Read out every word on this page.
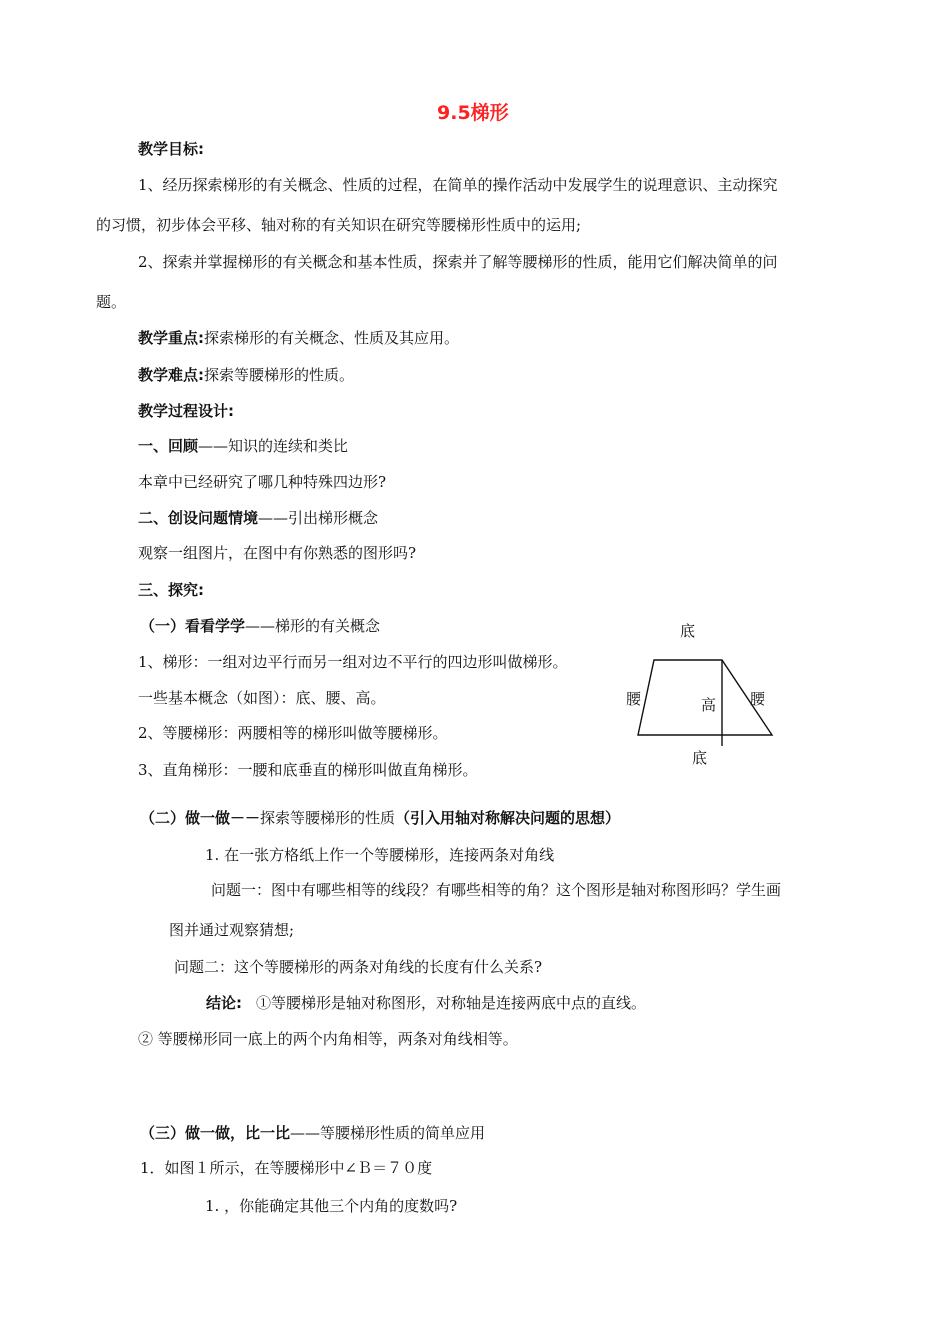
9.5梯形
教学目标:
1、经历探索梯形的有关概念、性质的过程，在简单的操作活动中发展学生的说理意识、主动探究
的习惯，初步体会平移、轴对称的有关知识在研究等腰梯形性质中的运用;
2、探索并掌握梯形的有关概念和基本性质，探索并了解等腰梯形的性质，能用它们解决简单的问
题。
教学重点:探索梯形的有关概念、性质及其应用。
教学难点:探索等腰梯形的性质。
教学过程设计:
一、回顾——知识的连续和类比
本章中已经研究了哪几种特殊四边形?
二、创设问题情境——引出梯形概念
观察一组图片，在图中有你熟悉的图形吗?
三、探究:
（一）看看学学——梯形的有关概念
1、梯形：一组对边平行而另一组对边不平行的四边形叫做梯形。
一些基本概念（如图）：底、腰、高。
2、等腰梯形：两腰相等的梯形叫做等腰梯形。
3、直角梯形：一腰和底垂直的梯形叫做直角梯形。
底
腰	高 腰
底
（二）做一做－－探索等腰梯形的性质（引入用轴对称解决问题的思想）
1. 在一张方格纸上作一个等腰梯形，连接两条对角线
问题一：图中有哪些相等的线段？有哪些相等的角？这个图形是轴对称图形吗？学生画
图并通过观察猜想;
问题二：这个等腰梯形的两条对角线的长度有什么关系?
结论: ①等腰梯形是轴对称图形，对称轴是连接两底中点的直线。
② 等腰梯形同一底上的两个内角相等，两条对角线相等。
（三）做一做，比一比——等腰梯形性质的简单应用
1．如图１所示，在等腰梯形中∠Ｂ＝７０度
1. ，你能确定其他三个内角的度数吗?
